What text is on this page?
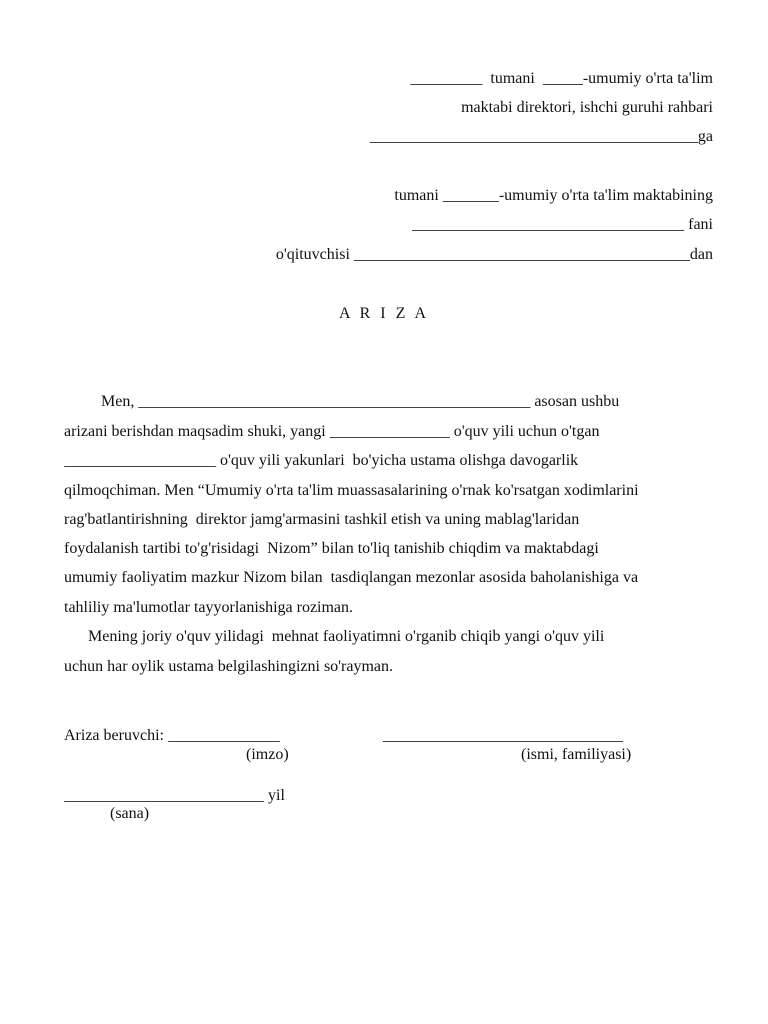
_________  tumani  _____-umumiy o'rta ta'lim
maktabi direktori, ishchi guruhi rahbari
_________________________________________ga
tumani _______-umumiy o'rta ta'lim maktabining
__________________________________ fani
o'qituvchisi __________________________________________dan
A R I Z A
Men, _________________________________________________ asosan ushbu
arizani berishdan maqsadim shuki, yangi _______________ o'quv yili uchun o'tgan
___________________ o'quv yili yakunlari  bo'yicha ustama olishga davogarlik
qilmoqchiman. Men “Umumiy o'rta ta'lim muassasalarining o'rnak ko'rsatgan xodimlarini
rag'batlantirishning  direktor jamg'armasini tashkil etish va uning mablag'laridan
foydalanish tartibi to'g'risidagi  Nizom” bilan to'liq tanishib chiqdim va maktabdagi
umumiy faoliyatim mazkur Nizom bilan  tasdiqlangan mezonlar asosida baholanishiga va
tahliliy ma'lumotlar tayyorlanishiga roziman.
Mening joriy o'quv yilidagi  mehnat faoliyatimni o'rganib chiqib yangi o'quv yili
uchun har oylik ustama belgilashingizni so'rayman.
Ariza beruvchi: ______________	______________________________
(imzo)	(ismi, familiyasi)
_________________________ yil
(sana)
